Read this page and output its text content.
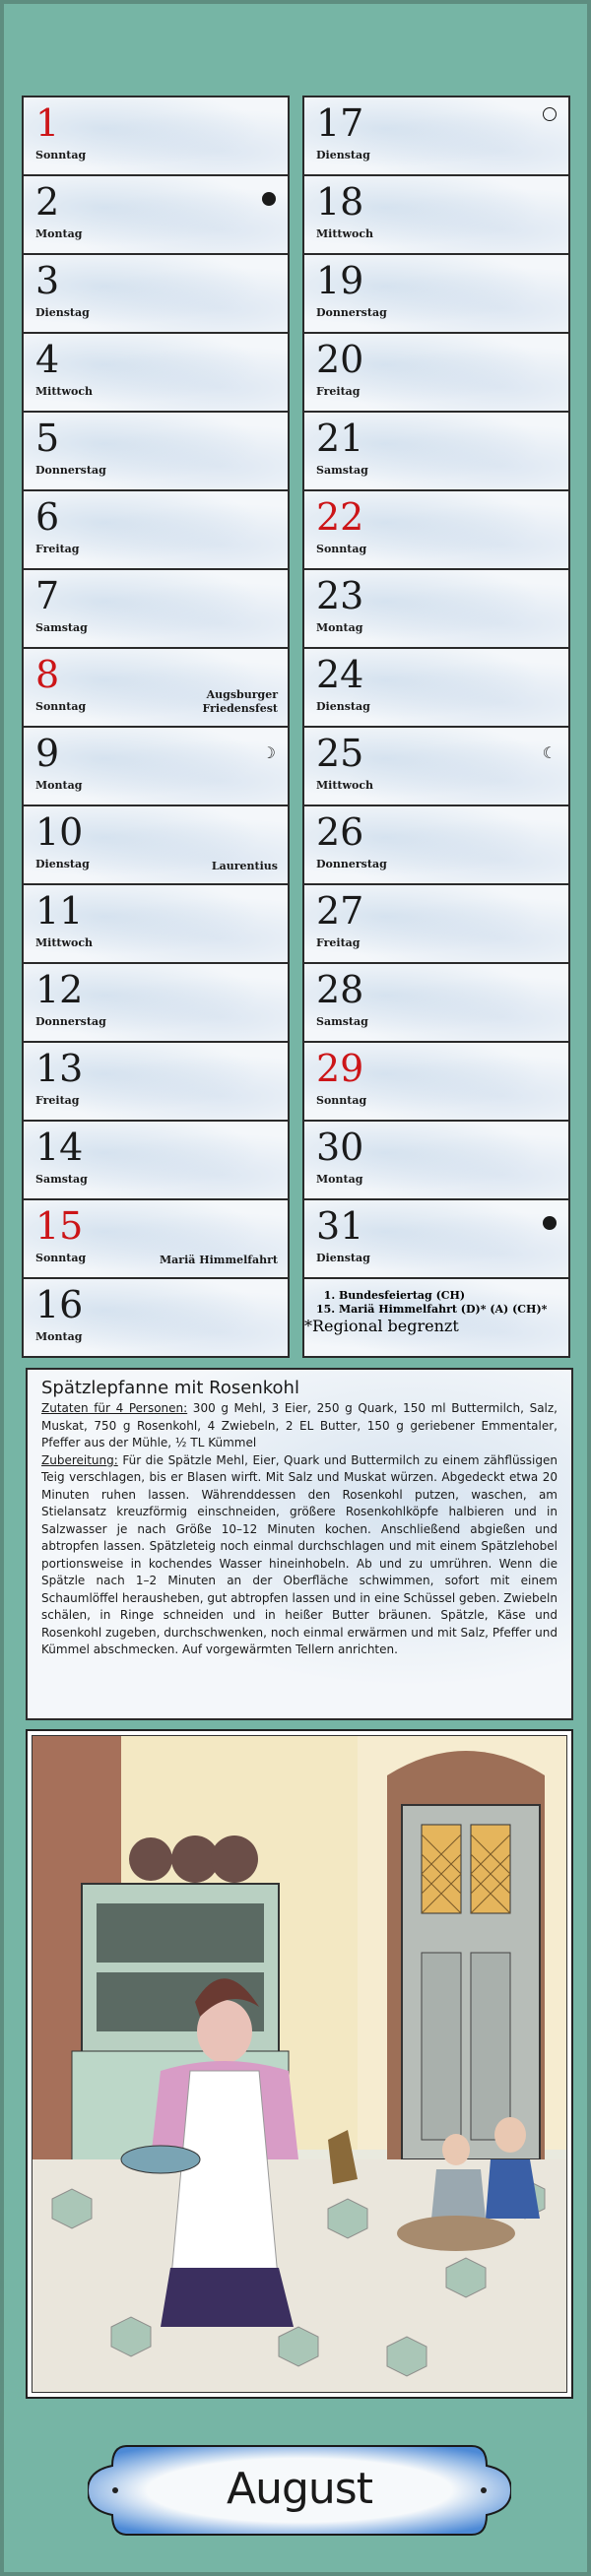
1
Sonntag
2
Montag
3
Dienstag
4
Mittwoch
5
Donnerstag
6
Freitag
7
Samstag
8
Sonntag
Augsburger
Friedensfest
9
Montag
☽
10
Dienstag	Laurentius
11
Mittwoch
12
Donnerstag
13
Freitag
14
Samstag
15
Sonntag	Mariä Himmelfahrt
16
Montag
17
Dienstag
18
Mittwoch
19
Donnerstag
20
Freitag
21
Samstag
22
Sonntag
23
Montag
24
Dienstag
25
Mittwoch
☾
26
Donnerstag
27
Freitag
28
Samstag
29
Sonntag
30
Montag
31
Dienstag
1. Bundesfeiertag (CH)
15. Mariä Himmelfahrt (D)* (A) (CH)*
*Regional begrenzt
Spätzlepfanne mit Rosenkohl

Zutaten für 4 Personen: 300 g Mehl, 3 Eier, 250 g Quark, 150 ml Buttermilch, Salz, Muskat, 750 g Rosenkohl, 4 Zwiebeln, 2 EL Butter, 150 g geriebener Emmentaler, Pfeffer aus der Mühle, ½ TL Kümmel
Zubereitung: Für die Spätzle Mehl, Eier, Quark und Buttermilch zu einem zähflüssigen Teig verschlagen, bis er Blasen wirft. Mit Salz und Muskat würzen. Abgedeckt etwa 20 Minuten ruhen lassen. Währenddessen den Rosenkohl putzen, waschen, am Stielansatz kreuzförmig einschneiden, größere Rosenkohlköpfe halbieren und in Salzwasser je nach Größe 10–12 Minuten kochen. Anschließend abgießen und abtropfen lassen. Spätzleteig noch einmal durchschlagen und mit einem Spätzlehobel portionsweise in kochendes Wasser hineinhobeln. Ab und zu umrühren. Wenn die Spätzle nach 1–2 Minuten an der Oberfläche schwimmen, sofort mit einem Schaumlöffel herausheben, gut abtropfen lassen und in eine Schüssel geben. Zwiebeln schälen, in Ringe schneiden und in heißer Butter bräunen. Spätzle, Käse und Rosenkohl zugeben, durchschwenken, noch einmal erwärmen und mit Salz, Pfeffer und Kümmel abschmecken. Auf vorgewärmten Tellern anrichten.

August
